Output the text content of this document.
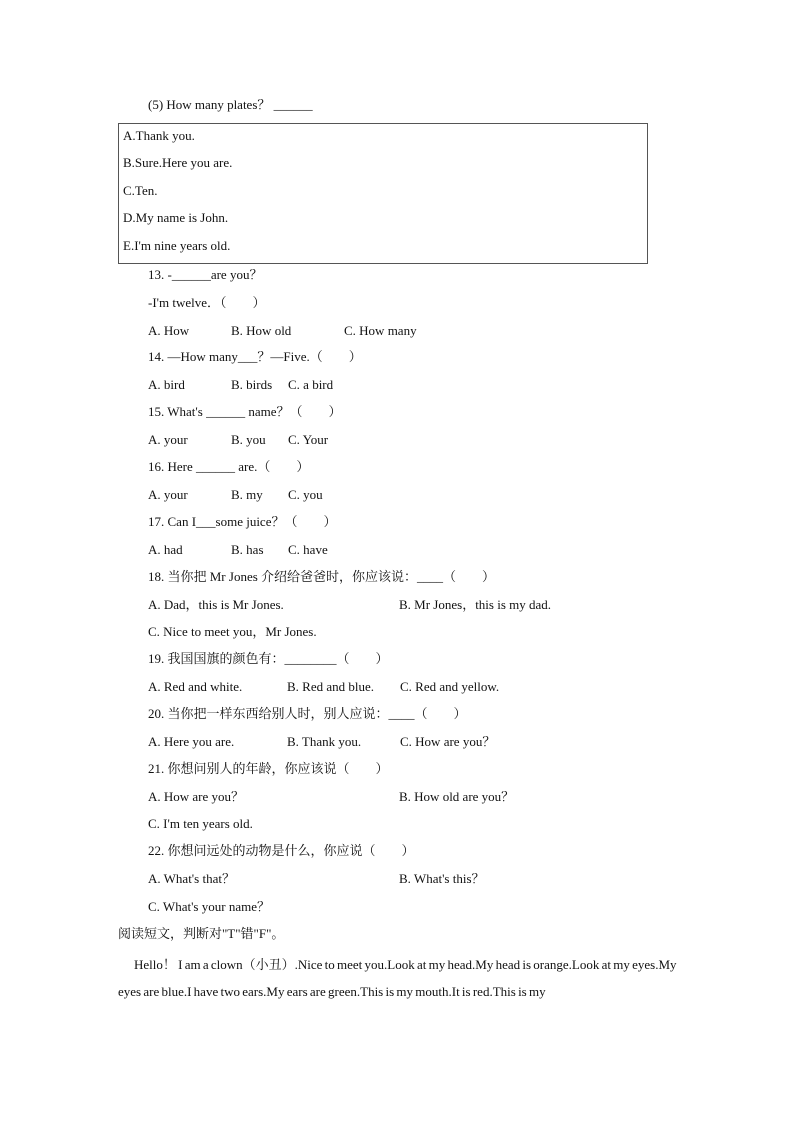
(5) How many plates？ ______
A.Thank you.
B.Sure.Here you are.
C.Ten.
D.My name is John.
E.I'm nine years old.
13. -______are you？
-I'm twelve．（　　）
A. How	B. How old	C. How many
14. —How many___？—Five.（　　）
A. bird	B. birds C. a bird
15. What's ______ name？（　　）
A. your	B. you C. Your
16. Here ______ are.（　　）
A. your	B. my C. you
17. Can I___some juice？（　　）
A. had	B. has C. have
18. 当你把 Mr Jones 介绍给爸爸时，你应该说：____（　　）
A. Dad，this is Mr Jones.	B. Mr Jones，this is my dad.
C. Nice to meet you，Mr Jones.
19. 我国国旗的颜色有：________（　　）
A. Red and white.	B. Red and blue. C. Red and yellow.
20. 当你把一样东西给别人时，别人应说：____（　　）
A. Here you are.	B. Thank you.	C. How are you？
21. 你想问别人的年龄，你应该说（　　）
A. How are you？	B. How old are you？
C. I'm ten years old.
22. 你想问远处的动物是什么，你应说（　　）
A. What's that？	B. What's this？
C. What's your name？
阅读短文，判断对"T"错"F"。
Hello！ I am a clown（小丑）.Nice to meet you.Look at my head.My head is orange.Look at my eyes.My eyes are blue.I have two ears.My ears are green.This is my mouth.It is red.This is my
